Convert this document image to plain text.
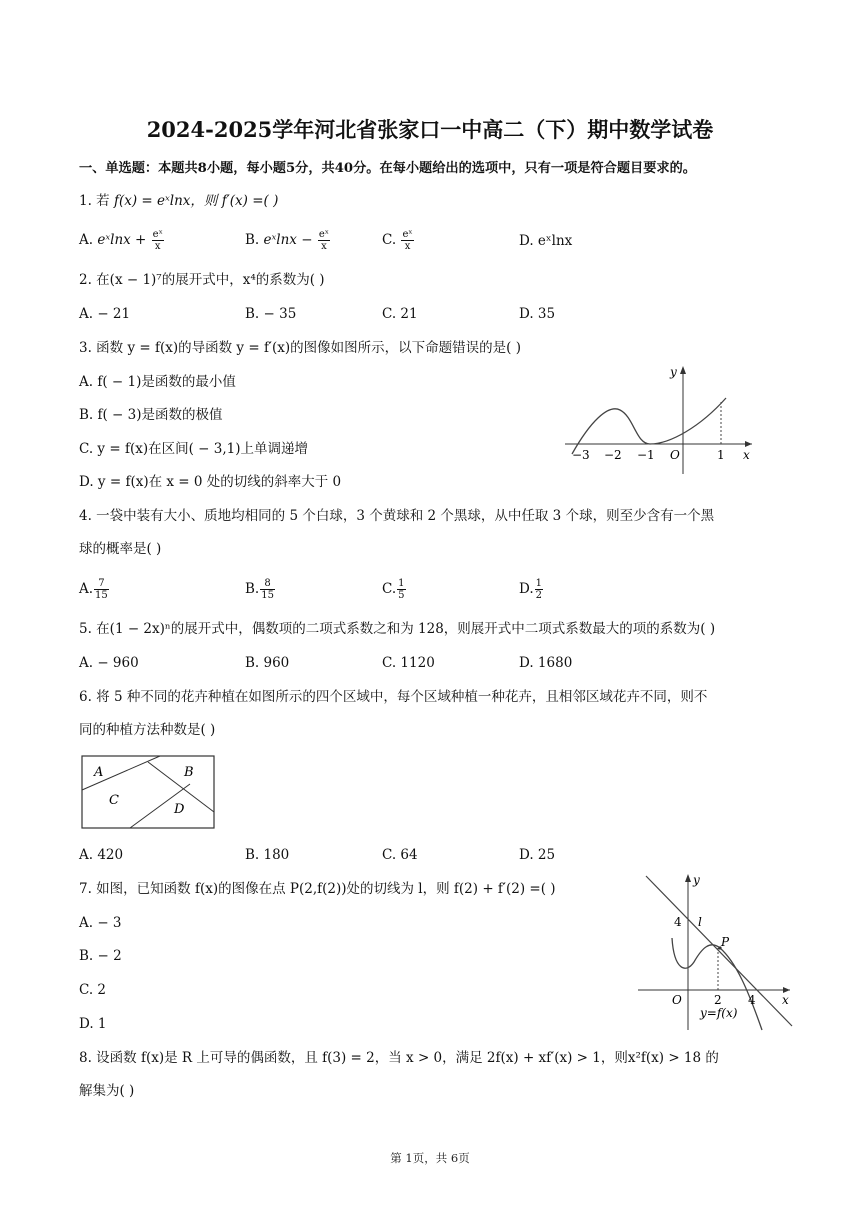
2024-2025学年河北省张家口一中高二（下）期中数学试卷
一、单选题：本题共8小题，每小题5分，共40分。在每小题给出的选项中，只有一项是符合题目要求的。
1. 若 f(x) = eˣlnx，则 f′(x) =( )
A. eˣlnx + $\frac{\text{eˣ}}{x}$	B. eˣlnx − $\frac{\text{eˣ}}{x}$	C. $\frac{\text{eˣ}}{x}$	D. eˣlnx
2. 在(x − 1)⁷的展开式中，x⁴的系数为( )
A. − 21	B. − 35	C. 21	D. 35
3. 函数 y = f(x)的导函数 y = f′(x)的图像如图所示，以下命题错误的是( )
A. f( − 1)是函数的最小值
B. f( − 3)是函数的极值
C. y = f(x)在区间( − 3,1)上单调递增
D. y = f(x)在 x = 0 处的切线的斜率大于 0
y
x
O
−3 −2 −1	1
4. 一袋中装有大小、质地均相同的 5 个白球，3 个黄球和 2 个黑球，从中任取 3 个球，则至少含有一个黑
球的概率是( )
A. $\frac{7}{15}$	B. $\frac{8}{15}$	C. $\frac{1}{5}$	D. $\frac{1}{2}$
5. 在(1 − 2x)ⁿ的展开式中，偶数项的二项式系数之和为 128，则展开式中二项式系数最大的项的系数为( )
A. − 960	B. 960	C. 1120	D. 1680
6. 将 5 种不同的花卉种植在如图所示的四个区域中，每个区域种植一种花卉，且相邻区域花卉不同，则不
同的种植方法种数是( )
A	B
C
D
A. 420	B. 180	C. 64	D. 25
7. 如图，已知函数 f(x)的图像在点 P(2,f(2))处的切线为 l，则 f(2) + f′(2) =( )
A. − 3
B. − 2
C. 2
D. 1
y
x
O
4 l
P
2 4
y=f(x)
8. 设函数 f(x)是 R 上可导的偶函数，且 f(3) = 2，当 x > 0，满足 2f(x) + xf′(x) > 1，则x²f(x) > 18 的
解集为( )
第 1页，共 6页
